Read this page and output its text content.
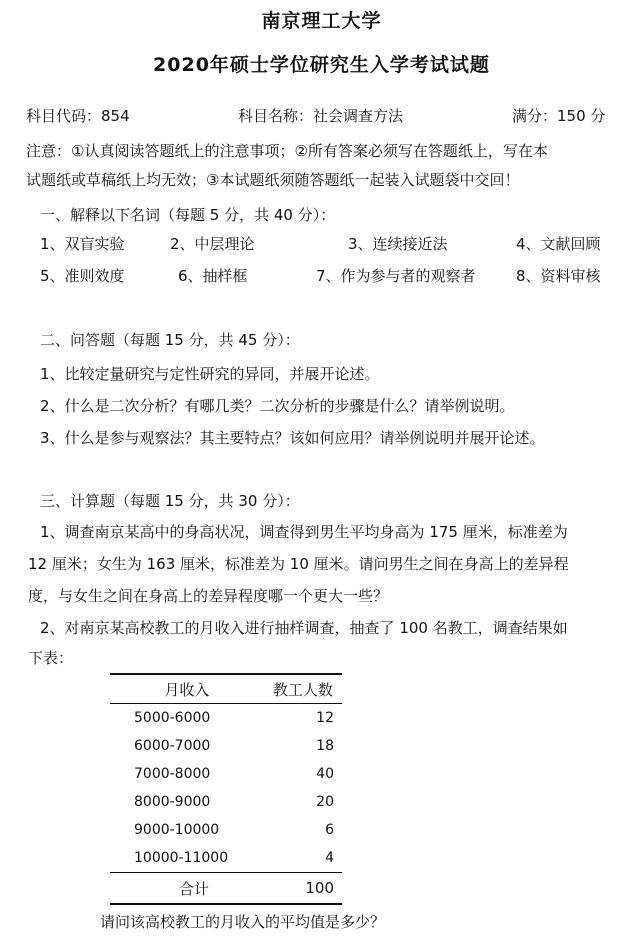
南京理工大学
2020年硕士学位研究生入学考试试题
科目代码：854	科目名称：社会调查方法	满分：150 分
注意：①认真阅读答题纸上的注意事项；②所有答案必须写在答题纸上，写在本
试题纸或草稿纸上均无效；③本试题纸须随答题纸一起装入试题袋中交回！
一、解释以下名词（每题 5 分，共 40 分）：
1、双盲实验	2、中层理论	3、连续接近法	4、文献回顾
5、准则效度	6、抽样框	7、作为参与者的观察者	8、资料审核
二、问答题（每题 15 分，共 45 分）：
1、比较定量研究与定性研究的异同，并展开论述。
2、什么是二次分析？有哪几类？二次分析的步骤是什么？请举例说明。
3、什么是参与观察法？其主要特点？该如何应用？请举例说明并展开论述。
三、计算题（每题 15 分，共 30 分）：
1、调查南京某高中的身高状况，调查得到男生平均身高为 175 厘米，标准差为
12 厘米；女生为 163 厘米，标准差为 10 厘米。请问男生之间在身高上的差异程
度，与女生之间在身高上的差异程度哪一个更大一些？
2、对南京某高校教工的月收入进行抽样调查，抽查了 100 名教工，调查结果如
下表：
月收入	教工人数
5000-6000	12
6000-7000	18
7000-8000	40
8000-9000	20
9000-10000	6
10000-11000	4
合计	100
请问该高校教工的月收入的平均值是多少？
